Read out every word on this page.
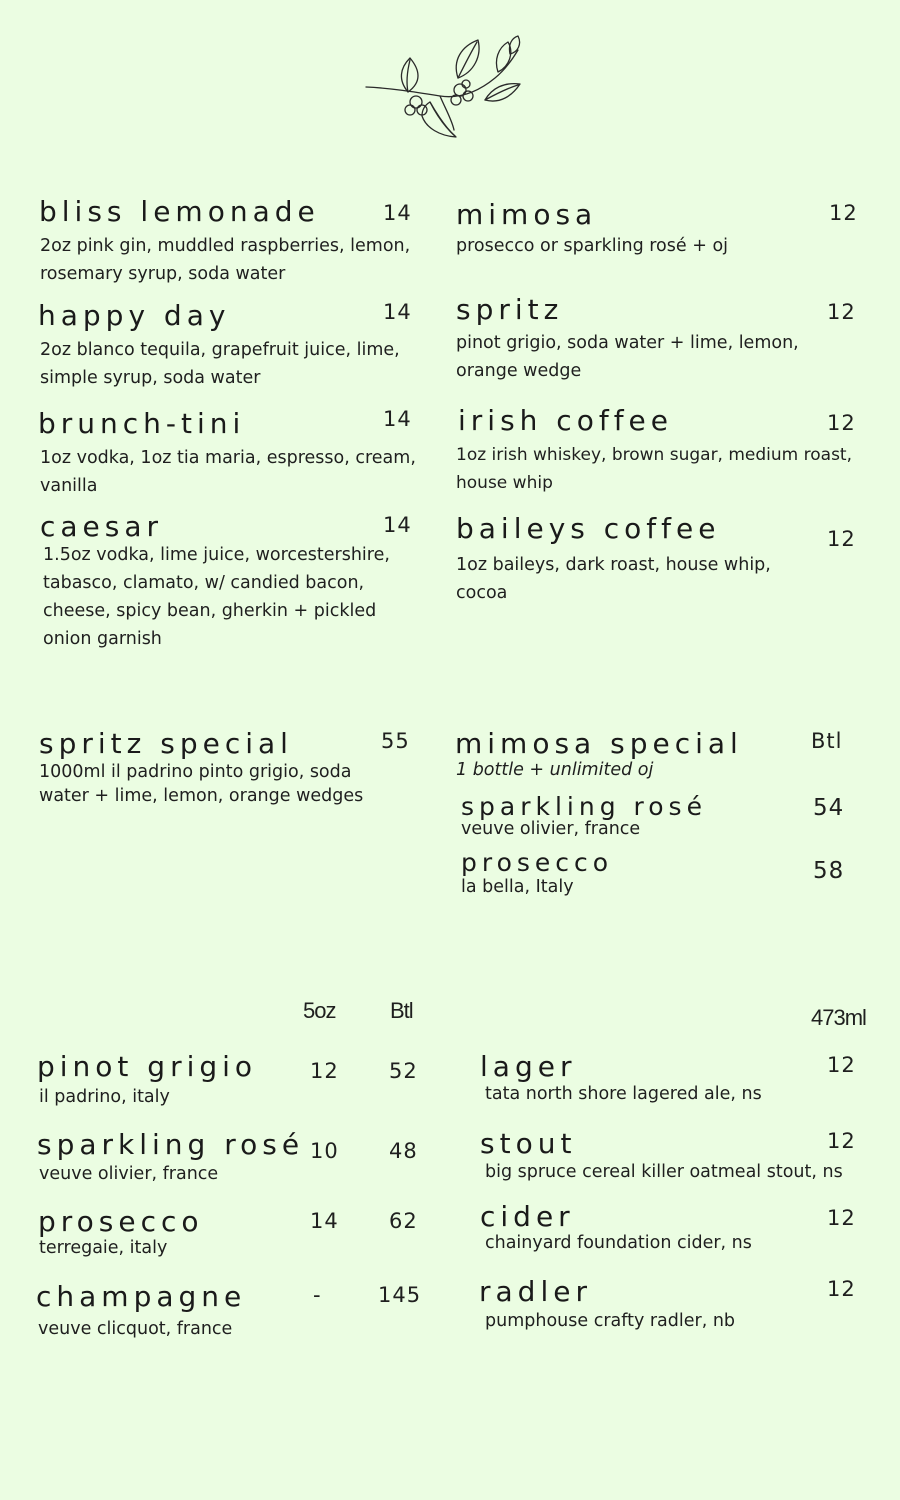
bliss lemonade	14
2oz pink gin, muddled raspberries, lemon, rosemary syrup, soda water
happy day	14
2oz blanco tequila, grapefruit juice, lime, simple syrup, soda water
brunch-tini	14
1oz vodka, 1oz tia maria, espresso, cream, vanilla
caesar	14
1.5oz vodka, lime juice, worcestershire, tabasco, clamato, w/ candied bacon, cheese, spicy bean, gherkin + pickled onion garnish
mimosa	12
prosecco or sparkling rosé + oj
spritz	12
pinot grigio, soda water + lime, lemon, orange wedge
irish coffee	12
1oz irish whiskey, brown sugar, medium roast, house whip
baileys coffee	12
1oz baileys, dark roast, house whip, cocoa
spritz special	55
1000ml il padrino pinto grigio, soda water + lime, lemon, orange wedges
mimosa special	Btl
1 bottle + unlimited oj
sparkling rosé
veuve olivier, france
54
prosecco
la bella, Italy
58
5oz Btl
pinot grigio
il padrino, italy
12 52
sparkling rosé
veuve olivier, france
10 48
prosecco
terregaie, italy
14 62
champagne
veuve clicquot, france
-	145
473ml
lager
tata north shore lagered ale, ns
12
stout
big spruce cereal killer oatmeal stout, ns
12
cider
chainyard foundation cider, ns
12
radler
pumphouse crafty radler, nb
12
